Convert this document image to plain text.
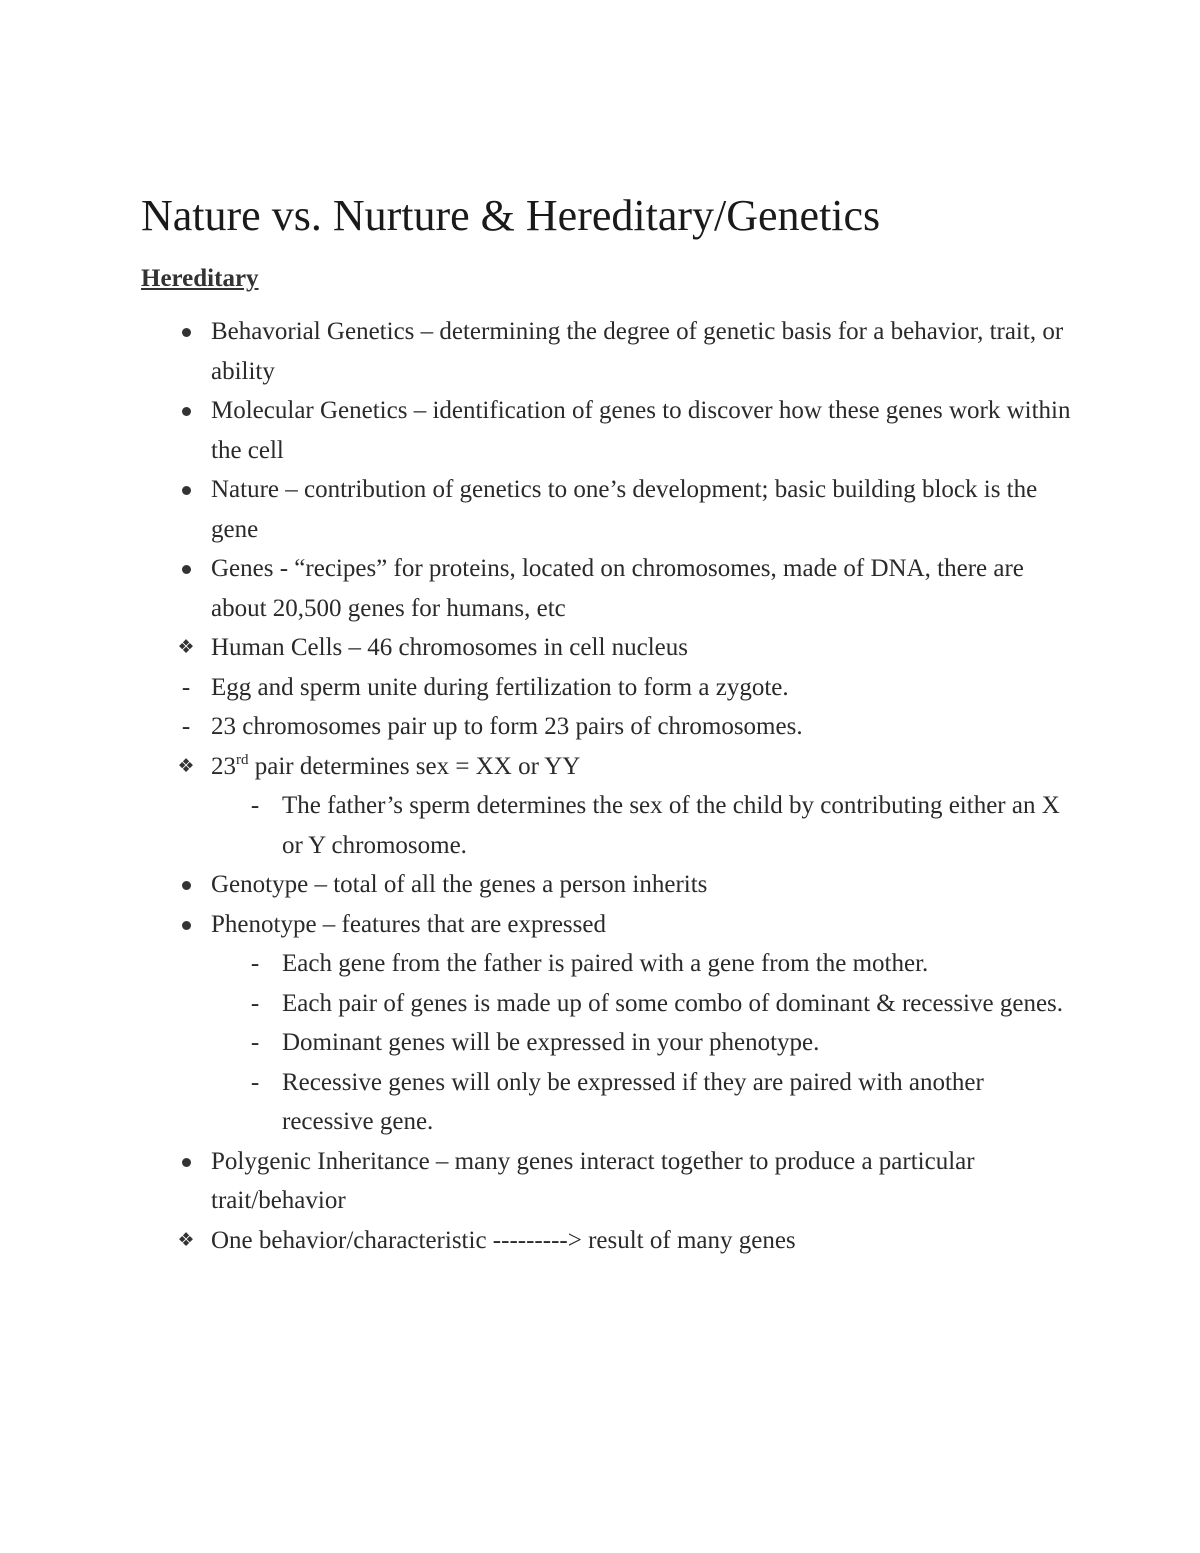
Nature vs. Nurture & Hereditary/Genetics
Hereditary
Behavorial Genetics – determining the degree of genetic basis for a behavior, trait, or ability
Molecular Genetics – identification of genes to discover how these genes work within the cell
Nature – contribution of genetics to one’s development; basic building block is the gene
Genes - “recipes” for proteins, located on chromosomes, made of DNA, there are about 20,500 genes for humans, etc
❖ Human Cells – 46 chromosomes in cell nucleus
- Egg and sperm unite during fertilization to form a zygote.
- 23 chromosomes pair up to form 23 pairs of chromosomes.
❖ 23rd pair determines sex = XX or YY
- The father’s sperm determines the sex of the child by contributing either an X or Y chromosome.
Genotype – total of all the genes a person inherits
Phenotype – features that are expressed
- Each gene from the father is paired with a gene from the mother.
- Each pair of genes is made up of some combo of dominant & recessive genes.
- Dominant genes will be expressed in your phenotype.
- Recessive genes will only be expressed if they are paired with another recessive gene.
Polygenic Inheritance – many genes interact together to produce a particular trait/behavior
❖ One behavior/characteristic ---------> result of many genes
